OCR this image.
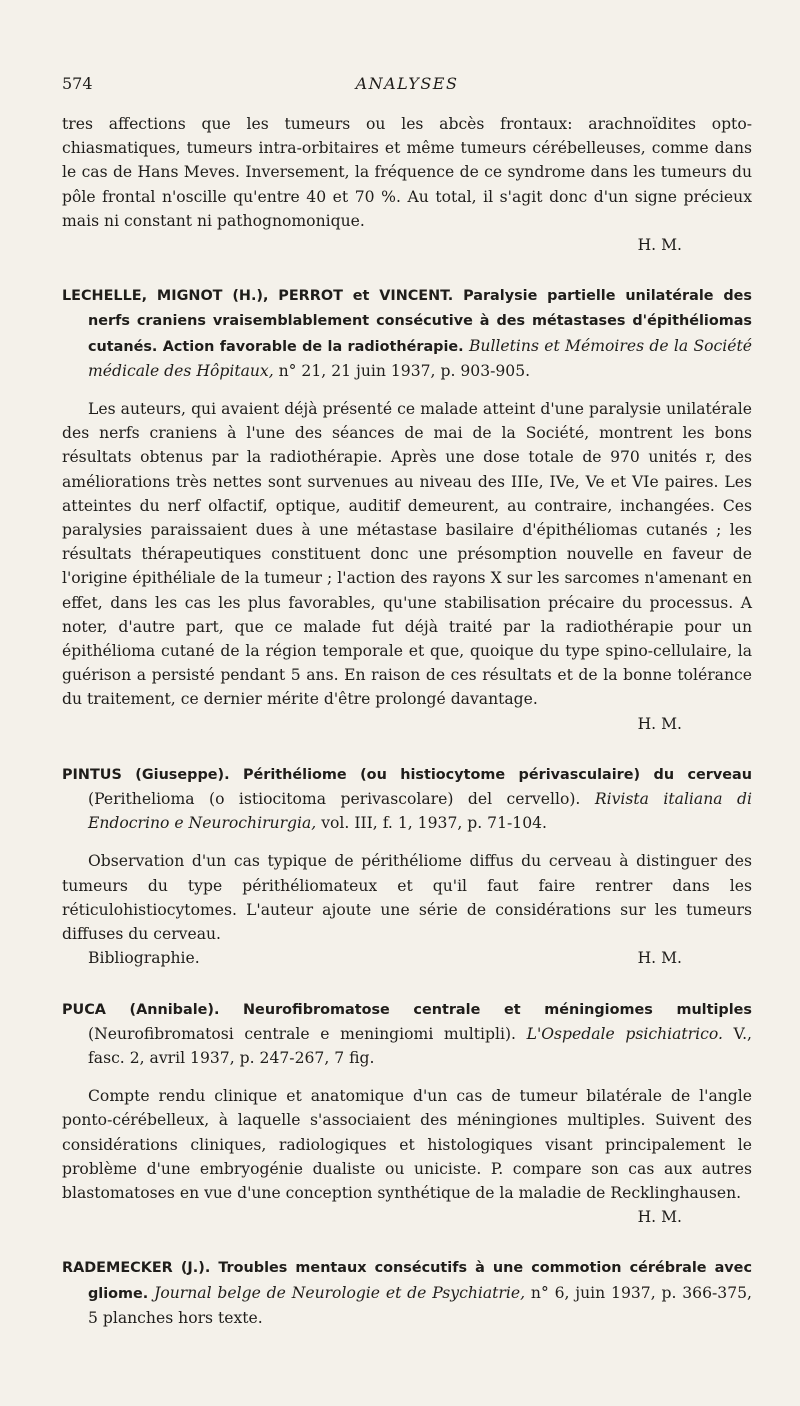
574	ANALYSES

tres affections que les tumeurs ou les abcès frontaux: arachnoïdites opto-chiasmatiques, tumeurs intra-orbitaires et même tumeurs cérébelleuses, comme dans le cas de Hans Meves. Inversement, la fréquence de ce syndrome dans les tumeurs du pôle frontal n'oscille qu'entre 40 et 70 %. Au total, il s'agit donc d'un signe précieux mais ni constant ni pathognomonique.

H. M.

LECHELLE, MIGNOT (H.), PERROT et VINCENT. Paralysie partielle unilatérale des nerfs craniens vraisemblablement consécutive à des métastases d'épithéliomas cutanés. Action favorable de la radiothérapie. Bulletins et Mémoires de la Société médicale des Hôpitaux, n° 21, 21 juin 1937, p. 903-905.

Les auteurs, qui avaient déjà présenté ce malade atteint d'une paralysie unilatérale des nerfs craniens à l'une des séances de mai de la Société, montrent les bons résultats obtenus par la radiothérapie. Après une dose totale de 970 unités r, des améliorations très nettes sont survenues au niveau des IIIe, IVe, Ve et VIe paires. Les atteintes du nerf olfactif, optique, auditif demeurent, au contraire, inchangées. Ces paralysies paraissaient dues à une métastase basilaire d'épithéliomas cutanés ; les résultats thérapeutiques constituent donc une présomption nouvelle en faveur de l'origine épithéliale de la tumeur ; l'action des rayons X sur les sarcomes n'amenant en effet, dans les cas les plus favorables, qu'une stabilisation précaire du processus. A noter, d'autre part, que ce malade fut déjà traité par la radiothérapie pour un épithélioma cutané de la région temporale et que, quoique du type spino-cellulaire, la guérison a persisté pendant 5 ans. En raison de ces résultats et de la bonne tolérance du traitement, ce dernier mérite d'être prolongé davantage.

H. M.

PINTUS (Giuseppe). Périthéliome (ou histiocytome périvasculaire) du cerveau (Perithelioma (o istiocitoma perivascolare) del cervello). Rivista italiana di Endocrino e Neurochirurgia, vol. III, f. 1, 1937, p. 71-104.

Observation d'un cas typique de périthéliome diffus du cerveau à distinguer des tumeurs du type périthéliomateux et qu'il faut faire rentrer dans les réticulohistiocytomes. L'auteur ajoute une série de considérations sur les tumeurs diffuses du cerveau.

Bibliographie.	H. M.

PUCA (Annibale). Neurofibromatose centrale et méningiomes multiples (Neurofibromatosi centrale e meningiomi multipli). L'Ospedale psichiatrico. V., fasc. 2, avril 1937, p. 247-267, 7 fig.

Compte rendu clinique et anatomique d'un cas de tumeur bilatérale de l'angle ponto-cérébelleux, à laquelle s'associaient des méningiones multiples. Suivent des considérations cliniques, radiologiques et histologiques visant principalement le problème d'une embryogénie dualiste ou uniciste. P. compare son cas aux autres blastomatoses en vue d'une conception synthétique de la maladie de Recklinghausen.

H. M.

RADEMECKER (J.). Troubles mentaux consécutifs à une commotion cérébrale avec gliome. Journal belge de Neurologie et de Psychiatrie, n° 6, juin 1937, p. 366-375, 5 planches hors texte.
